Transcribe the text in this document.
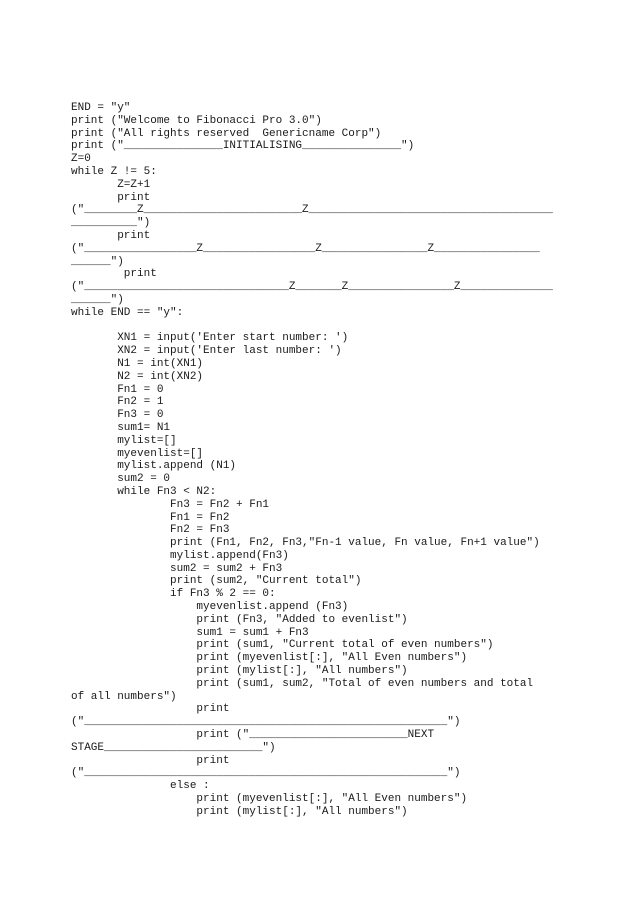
END = "y"
print ("Welcome to Fibonacci Pro 3.0")
print ("All rights reserved  Genericname Corp")
print ("_______________INITIALISING_______________")
Z=0
while Z != 5:
Z=Z+1
print
("________Z________________________Z_____________________________________
__________")
print
("_________________Z_________________Z________________Z________________
______")
print
("_______________________________Z_______Z________________Z______________
______")
while END == "y":
XN1 = input('Enter start number: ')
XN2 = input('Enter last number: ')
N1 = int(XN1)
N2 = int(XN2)
Fn1 = 0
Fn2 = 1
Fn3 = 0
sum1= N1
mylist=[]
myevenlist=[]
mylist.append (N1)
sum2 = 0
while Fn3 < N2:
Fn3 = Fn2 + Fn1
Fn1 = Fn2
Fn2 = Fn3
print (Fn1, Fn2, Fn3,"Fn-1 value, Fn value, Fn+1 value")
mylist.append(Fn3)
sum2 = sum2 + Fn3
print (sum2, "Current total")
if Fn3 % 2 == 0:
myevenlist.append (Fn3)
print (Fn3, "Added to evenlist")
sum1 = sum1 + Fn3
print (sum1, "Current total of even numbers")
print (myevenlist[:], "All Even numbers")
print (mylist[:], "All numbers")
print (sum1, sum2, "Total of even numbers and total
of all numbers")
print
("_______________________________________________________")
print ("________________________NEXT
STAGE________________________")
print
("_______________________________________________________")
else :
print (myevenlist[:], "All Even numbers")
print (mylist[:], "All numbers")
